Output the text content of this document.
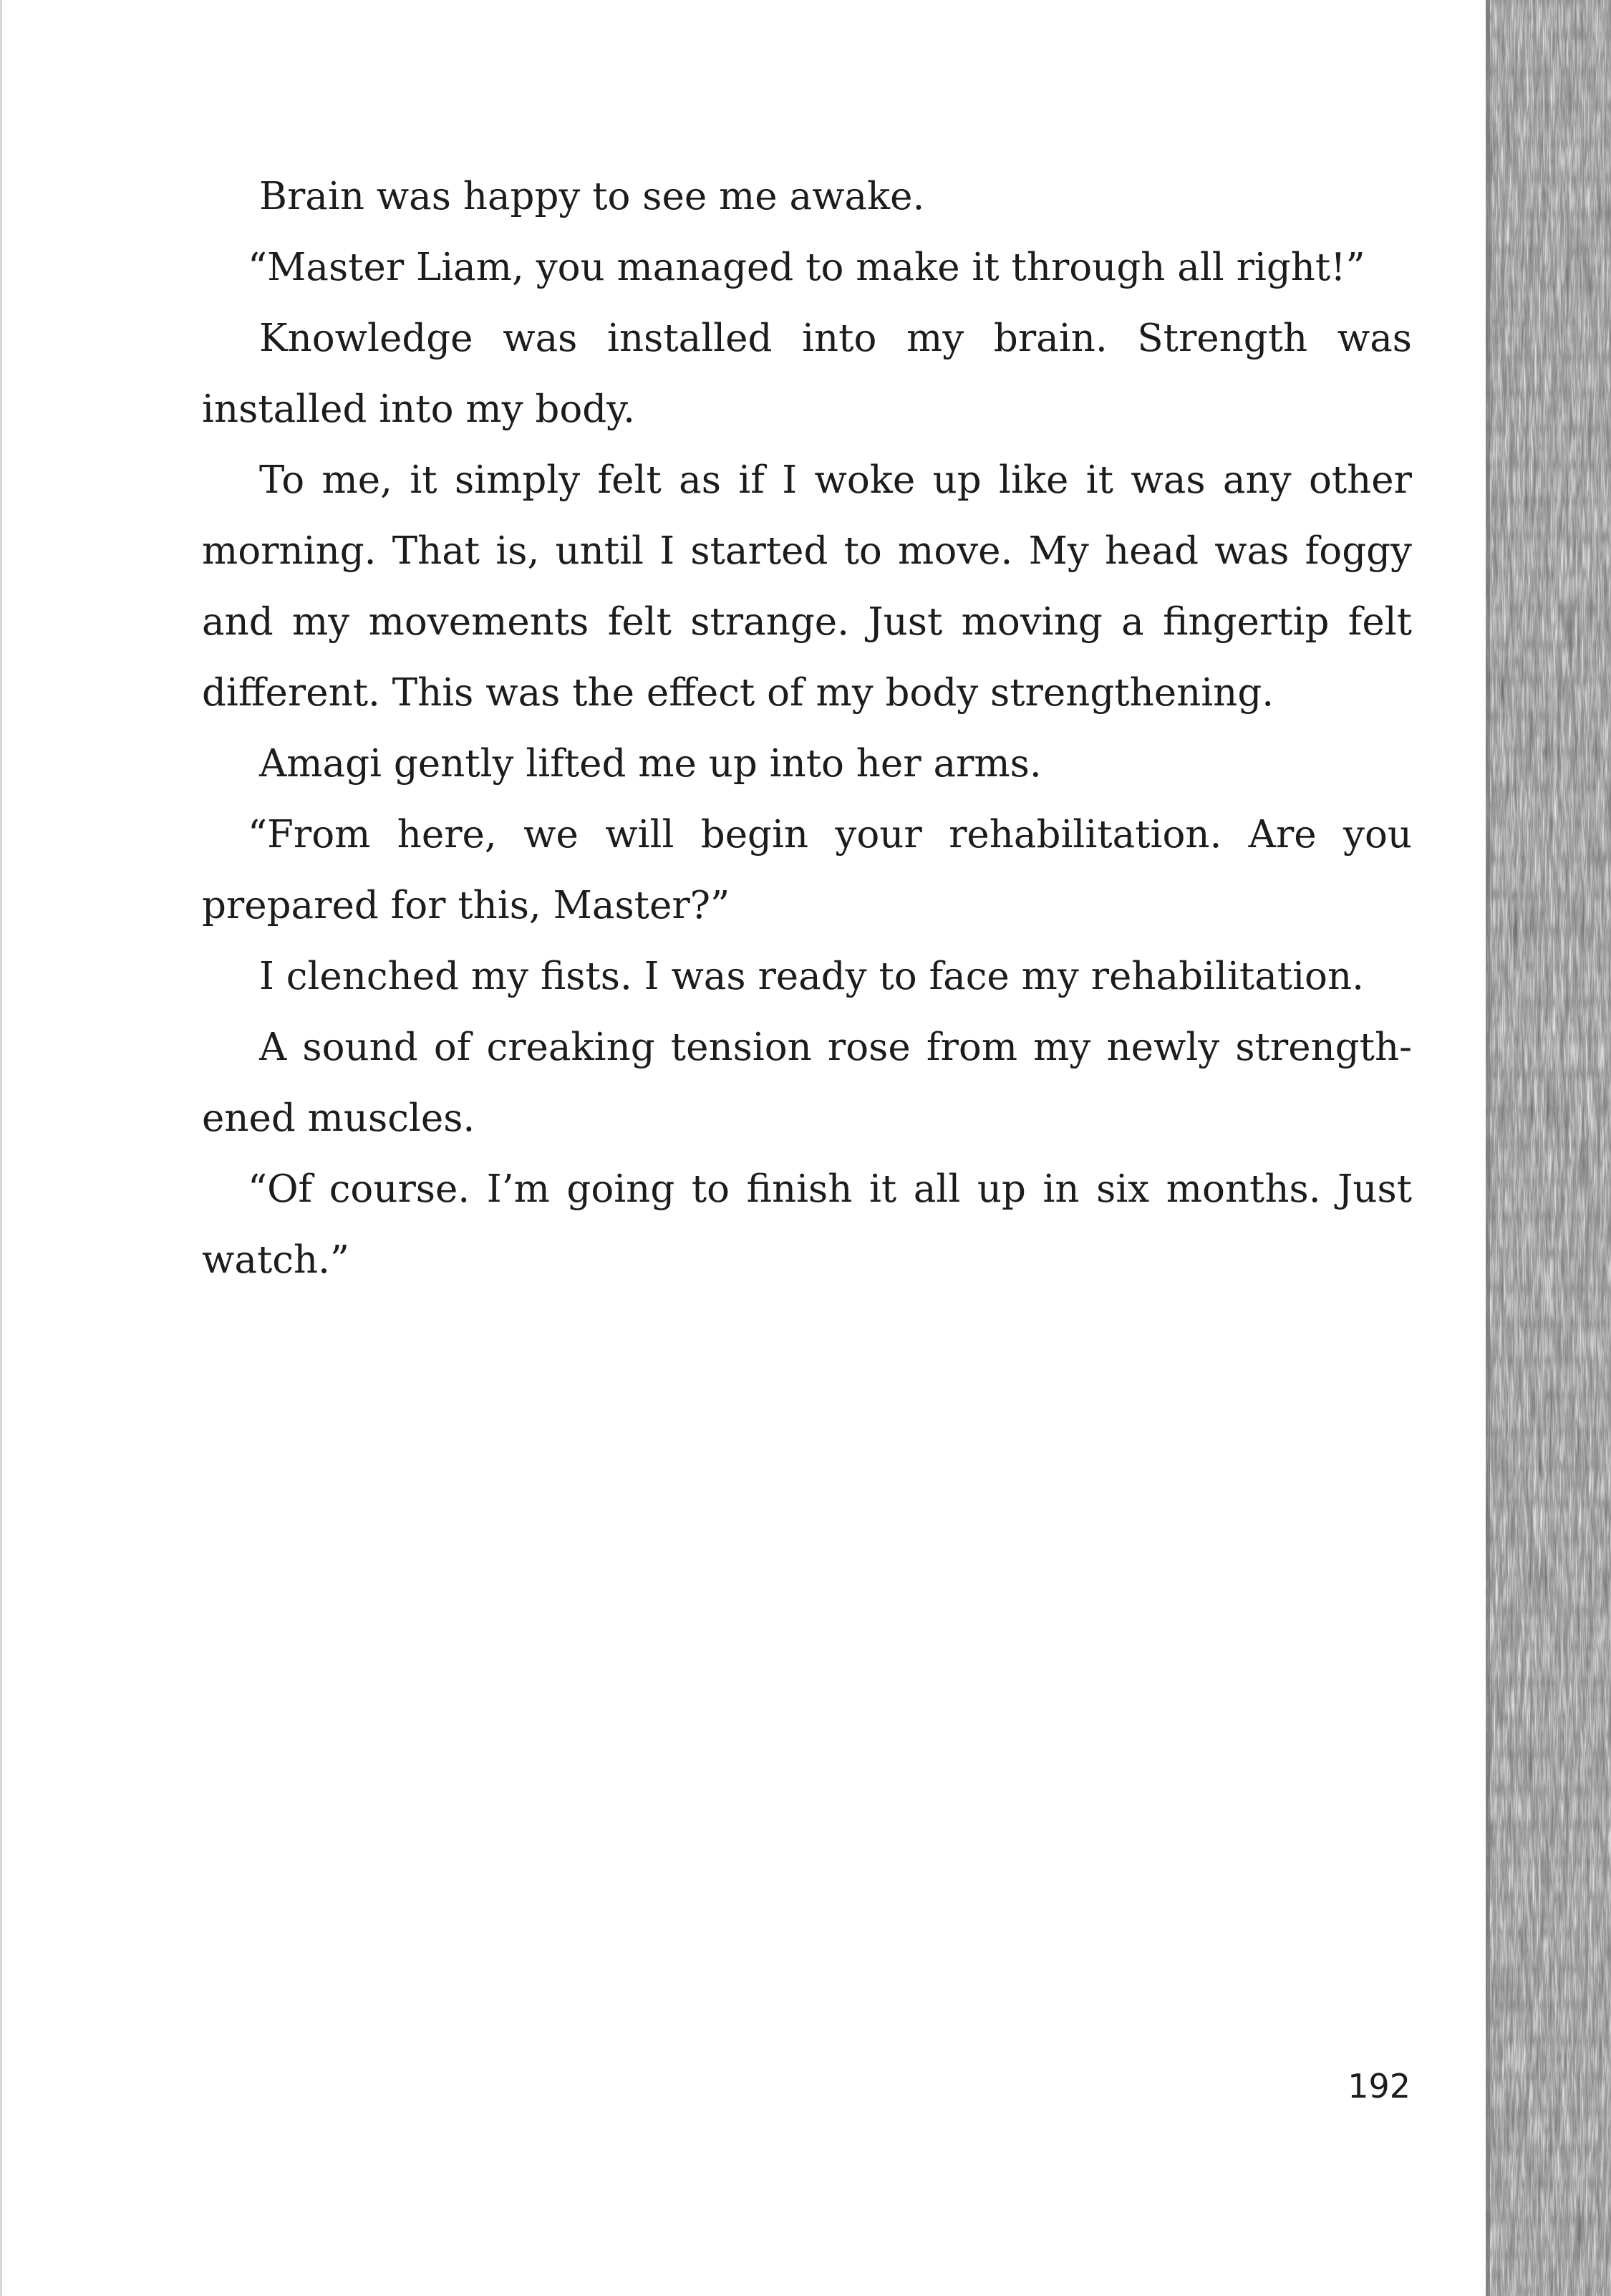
Brain was happy to see me awake.

“Master Liam, you managed to make it through all right!”

Knowledge was installed into my brain. Strength was installed into my body.

To me, it simply felt as if I woke up like it was any other morning. That is, until I started to move. My head was foggy and my movements felt strange. Just moving a fingertip felt different. This was the effect of my body strengthening.

Amagi gently lifted me up into her arms.

“From here, we will begin your rehabilitation. Are you prepared for this, Master?”

I clenched my fists. I was ready to face my rehabilitation.

A sound of creaking tension rose from my newly strengthened muscles.

“Of course. I’m going to finish it all up in six months. Just watch.”

192
